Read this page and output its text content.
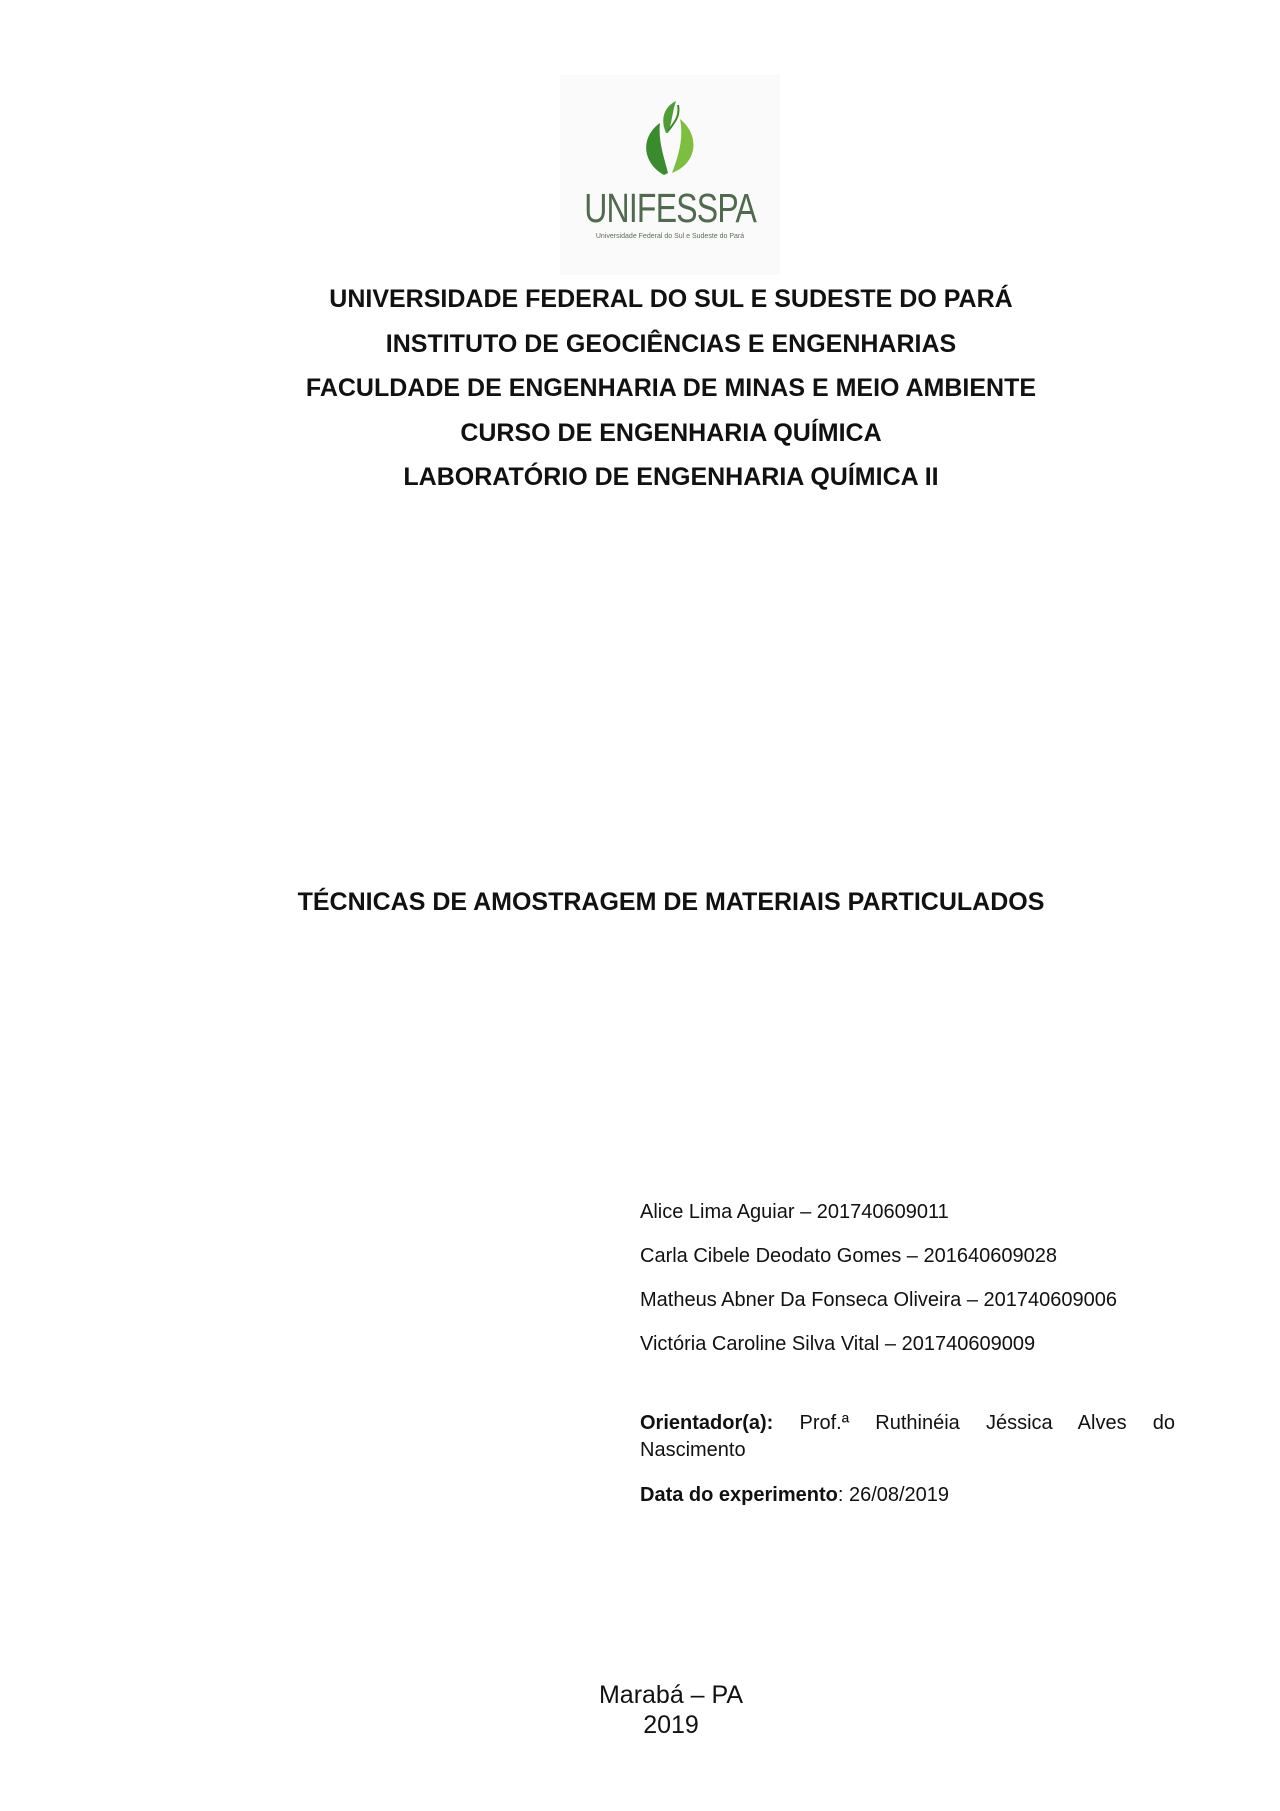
UNIFESSPA
Universidade Federal do Sul e Sudeste do Pará

UNIVERSIDADE FEDERAL DO SUL E SUDESTE DO PARÁ

INSTITUTO DE GEOCIÊNCIAS E ENGENHARIAS

FACULDADE DE ENGENHARIA DE MINAS E MEIO AMBIENTE

CURSO DE ENGENHARIA QUÍMICA

LABORATÓRIO DE ENGENHARIA QUÍMICA II

TÉCNICAS DE AMOSTRAGEM DE MATERIAIS PARTICULADOS

Alice Lima Aguiar – 201740609011

Carla Cibele Deodato Gomes – 201640609028

Matheus Abner Da Fonseca Oliveira – 201740609006

Victória Caroline Silva Vital – 201740609009

Orientador(a): Prof.ª Ruthinéia Jéssica Alves do Nascimento
Data do experimento: 26/08/2019
Marabá – PA
2019
